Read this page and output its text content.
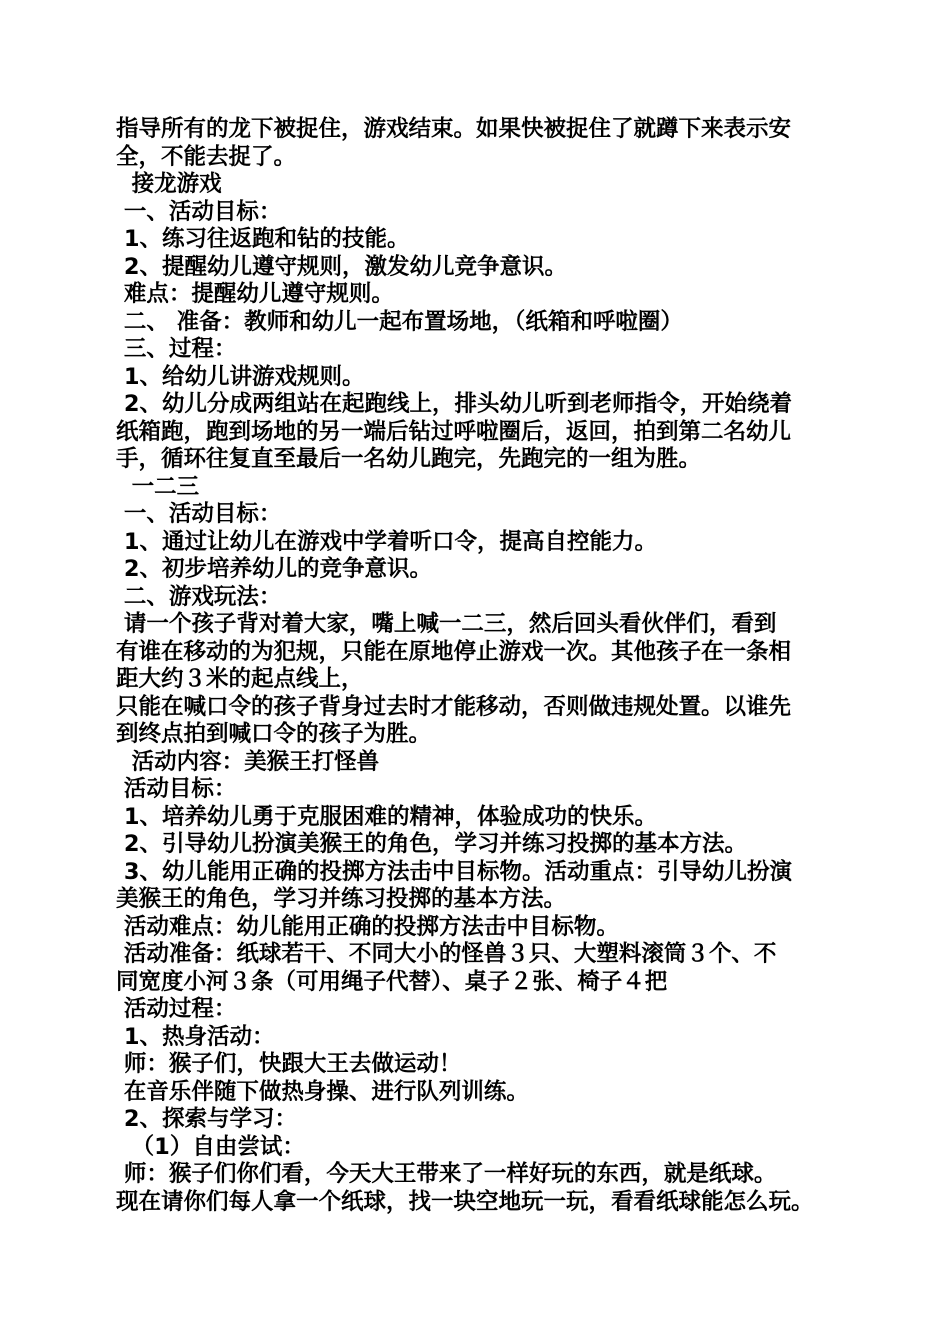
指导所有的龙下被捉住，游戏结束。如果快被捉住了就蹲下来表示安
全，不能去捉了。
接龙游戏
一、活动目标：
1、练习往返跑和钻的技能。
2、提醒幼儿遵守规则，激发幼儿竞争意识。
难点：提醒幼儿遵守规则。
二、 准备：教师和幼儿一起布置场地，（纸箱和呼啦圈）
三、过程：
1、给幼儿讲游戏规则。
2、幼儿分成两组站在起跑线上，排头幼儿听到老师指令，开始绕着
纸箱跑，跑到场地的另一端后钻过呼啦圈后，返回，拍到第二名幼儿
手，循环往复直至最后一名幼儿跑完，先跑完的一组为胜。
一二三
一、活动目标：
1、通过让幼儿在游戏中学着听口令，提高自控能力。
2、初步培养幼儿的竞争意识。
二、游戏玩法：
请一个孩子背对着大家，嘴上喊一二三，然后回头看伙伴们，看到
有谁在移动的为犯规，只能在原地停止游戏一次。其他孩子在一条相
距大约３米的起点线上，
只能在喊口令的孩子背身过去时才能移动，否则做违规处置。以谁先
到终点拍到喊口令的孩子为胜。
活动内容：美猴王打怪兽
活动目标：
1、培养幼儿勇于克服困难的精神，体验成功的快乐。
2、引导幼儿扮演美猴王的角色，学习并练习投掷的基本方法。
3、幼儿能用正确的投掷方法击中目标物。活动重点：引导幼儿扮演
美猴王的角色，学习并练习投掷的基本方法。
活动难点：幼儿能用正确的投掷方法击中目标物。
活动准备：纸球若干、不同大小的怪兽３只、大塑料滚筒３个、不
同宽度小河３条（可用绳子代替）、桌子２张、椅子４把
活动过程：
1、热身活动：
师：猴子们，快跟大王去做运动！
在音乐伴随下做热身操、进行队列训练。
2、探索与学习：
（1）自由尝试：
师：猴子们你们看，今天大王带来了一样好玩的东西，就是纸球。
现在请你们每人拿一个纸球，找一块空地玩一玩，看看纸球能怎么玩。
